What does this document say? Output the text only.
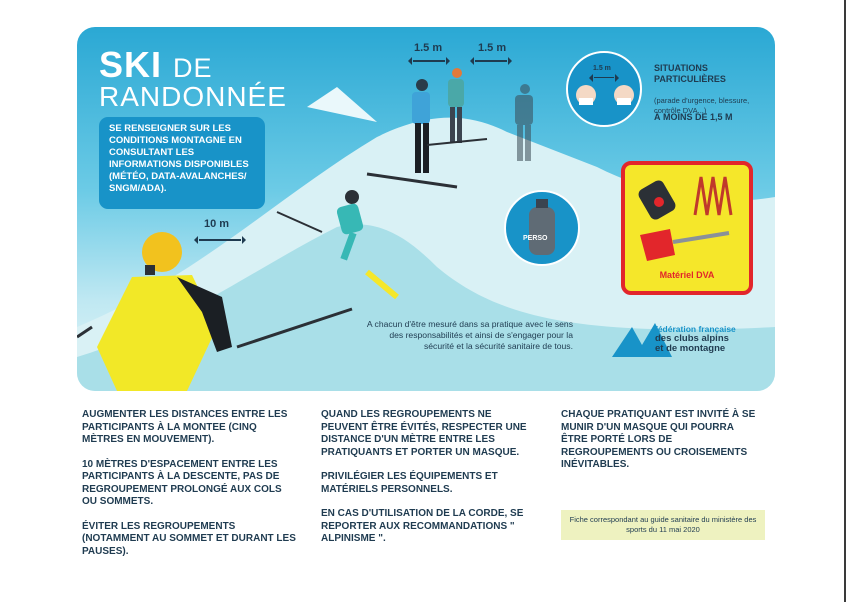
SKI DE
RANDONNÉE
SE RENSEIGNER SUR LES CONDITIONS MONTAGNE EN CONSULTANT LES INFORMATIONS DISPONIBLES (MÉTÉO, DATA-AVALANCHES/ SNGM/ADA).
1.5 m	1.5 m
10 m
1.5 m	SITUATIONS PARTICULIÈRES
(parade d'urgence, blessure, contrôle DVA...)
À MOINS DE 1,5 M
PERSO
Matériel DVA
A chacun d'être mesuré dans sa pratique avec le sens des responsabilités et ainsi de s'engager pour la sécurité et la sécurité sanitaire de tous.
fédération française
des clubs alpins
et de montagne

AUGMENTER LES DISTANCES ENTRE LES PARTICIPANTS À LA MONTEE (CINQ MÈTRES EN MOUVEMENT).

10 MÈTRES D'ESPACEMENT ENTRE LES PARTICIPANTS À LA DESCENTE, PAS DE REGROUPEMENT PROLONGÉ AUX COLS OU SOMMETS.

ÉVITER LES REGROUPEMENTS (NOTAMMENT AU SOMMET ET DURANT LES PAUSES).

QUAND LES REGROUPEMENTS NE PEUVENT ÊTRE ÉVITÉS, RESPECTER UNE DISTANCE D'UN MÈTRE ENTRE LES PRATIQUANTS ET PORTER UN MASQUE.

PRIVILÉGIER LES ÉQUIPEMENTS ET MATÉRIELS PERSONNELS.

EN CAS D'UTILISATION DE LA CORDE, SE REPORTER AUX RECOMMANDATIONS " ALPINISME ".

CHAQUE PRATIQUANT EST INVITÉ À SE MUNIR D'UN MASQUE QUI POURRA ÊTRE PORTÉ LORS DE REGROUPEMENTS OU CROISEMENTS INÉVITABLES.

Fiche correspondant au guide sanitaire du ministère des sports du 11 mai 2020
